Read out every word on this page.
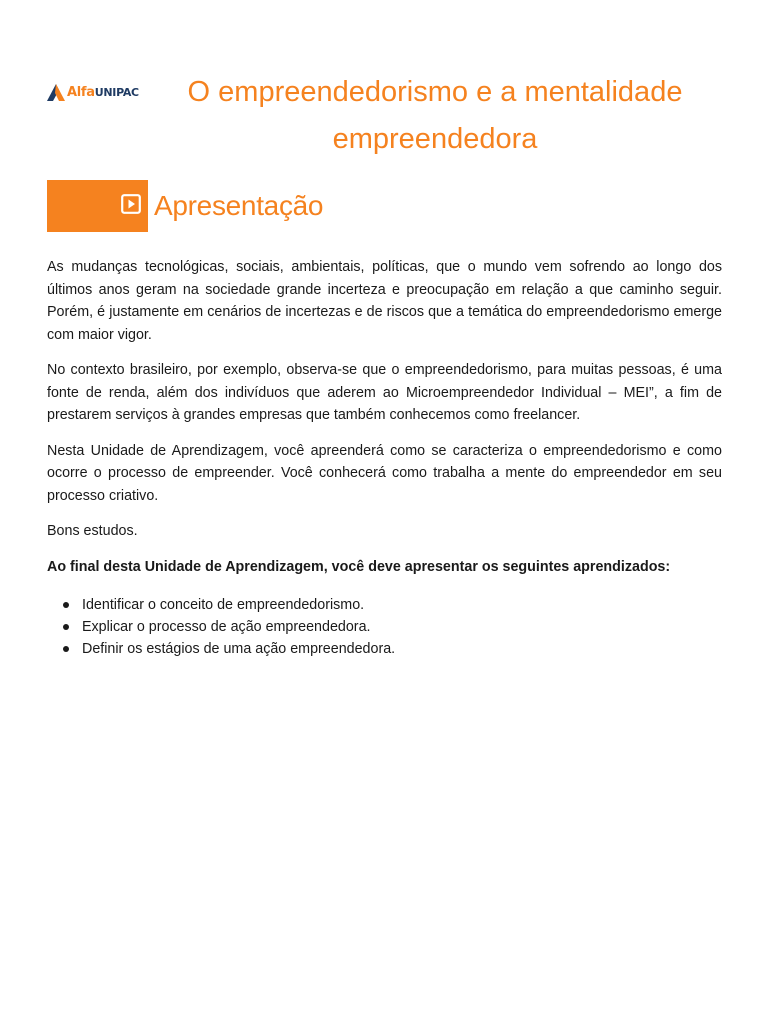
Alfa UNIPAC	O empreendedorismo e a mentalidade empreendedora
Apresentação

As mudanças tecnológicas, sociais, ambientais, políticas, que o mundo vem sofrendo ao longo dos últimos anos geram na sociedade grande incerteza e preocupação em relação a que caminho seguir. Porém, é justamente em cenários de incertezas e de riscos que a temática do empreendedorismo emerge com maior vigor.

No contexto brasileiro, por exemplo, observa-se que o empreendedorismo, para muitas pessoas, é uma fonte de renda, além dos indivíduos que aderem ao Microempreendedor Individual – MEI”, a fim de prestarem serviços à grandes empresas que também conhecemos como freelancer.

Nesta Unidade de Aprendizagem, você apreenderá como se caracteriza o empreendedorismo e como ocorre o processo de empreender. Você conhecerá como trabalha a mente do empreendedor em seu processo criativo.

Bons estudos.

Ao final desta Unidade de Aprendizagem, você deve apresentar os seguintes aprendizados:

Identificar o conceito de empreendedorismo.
Explicar o processo de ação empreendedora.
Definir os estágios de uma ação empreendedora.
